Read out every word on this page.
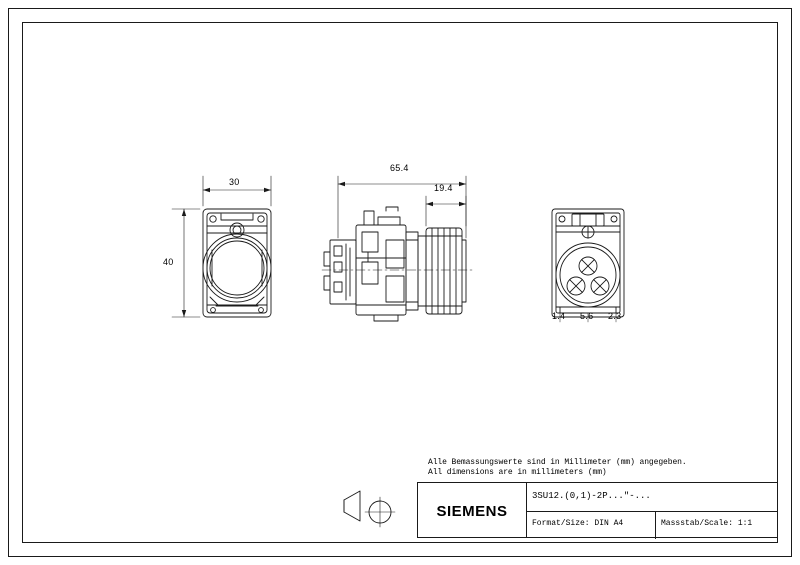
30
40
65.4
19.4
1.4 5.6 2.3
Alle Bemassungswerte sind in Millimeter (mm) angegeben.
All dimensions are in millimeters (mm)
SIEMENS
3SU12.(0,1)-2P..."-...
Format/Size: DIN A4	Massstab/Scale: 1:1
